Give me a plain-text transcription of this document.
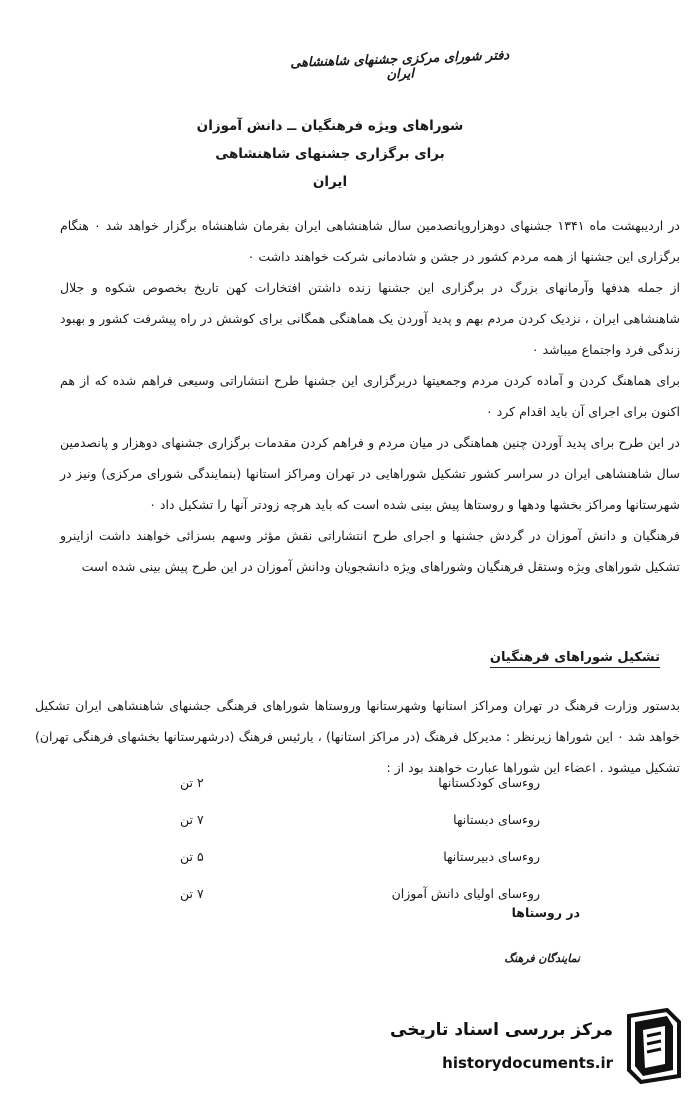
دفتر شورای مرکزی جشنهای شاهنشاهی ایران
شوراهای ویژه فرهنگیان ــ دانش آموزان
برای برگزاری جشنهای شاهنشاهی
ایران

در اردیبهشت ماه ۱۳۴۱ جشنهای دوهزاروپانصدمین سال شاهنشاهی ایران بفرمان شاهنشاه برگزار خواهد شد ۰ هنگام برگزاری این جشنها از همه مردم کشور در جشن و شادمانی شرکت خواهند داشت ۰

از جمله هدفها وآرمانهای بزرگ در برگزاری این جشنها زنده داشتن افتخارات کهن تاریخ بخصوص شکوه و جلال شاهنشاهی ایران ، نزدیک کردن مردم بهم و پدید آوردن یک هماهنگی همگانی برای کوشش در راه پیشرفت کشور و بهبود زندگی فرد واجتماع میباشد ۰

برای هماهنگ کردن و آماده کردن مردم وجمعیتها دربرگزاری این جشنها طرح انتشاراتی وسیعی فراهم شده که از هم اکنون برای اجرای آن باید اقدام کرد ۰

در این طرح برای پدید آوردن چنین هماهنگی در میان مردم و فراهم کردن مقدمات برگزاری جشنهای دوهزار و پانصدمین سال شاهنشاهی ایران در سراسر کشور تشکیل شوراهایی در تهران ومراکز استانها (بنمایندگی شورای مرکزی) ونیز در شهرستانها ومراکز بخشها ودهها و روستاها پیش بینی شده است که باید هرچه زودتر آنها را تشکیل داد ۰

فرهنگیان و دانش آموزان در گردش جشنها و اجرای طرح انتشاراتی نقش مؤثر وسهم بسزائی خواهند داشت ازاینرو تشکیل شوراهای ویژه وستقل فرهنگیان وشوراهای ویژه دانشجویان ودانش آموزان در این طرح پیش بینی شده است

تشکیل شوراهای فرهنگیان
بدستور وزارت فرهنگ در تهران ومراکز استانها وشهرستانها وروستاها شوراهای فرهنگی جشنهای شاهنشاهی ایران تشکیل خواهد شد ۰ این شوراها زیرنظر : مدیرکل فرهنگ (در مراکز استانها) ، یارئیس فرهنگ (درشهرستانها بخشهای فرهنگی تهران) تشکیل میشود . اعضاء این شوراها عبارت خواهند بود از :
۲ تن	روءسای کودکستانها
۷ تن	روءسای دبستانها
۵ تن	روءسای دبیرستانها
۷ تن	روءسای اولیای دانش آموزان
در روستاها
نمایندگان فرهنگ
مرکز بررسی اسناد تاریخی
historydocuments.ir
